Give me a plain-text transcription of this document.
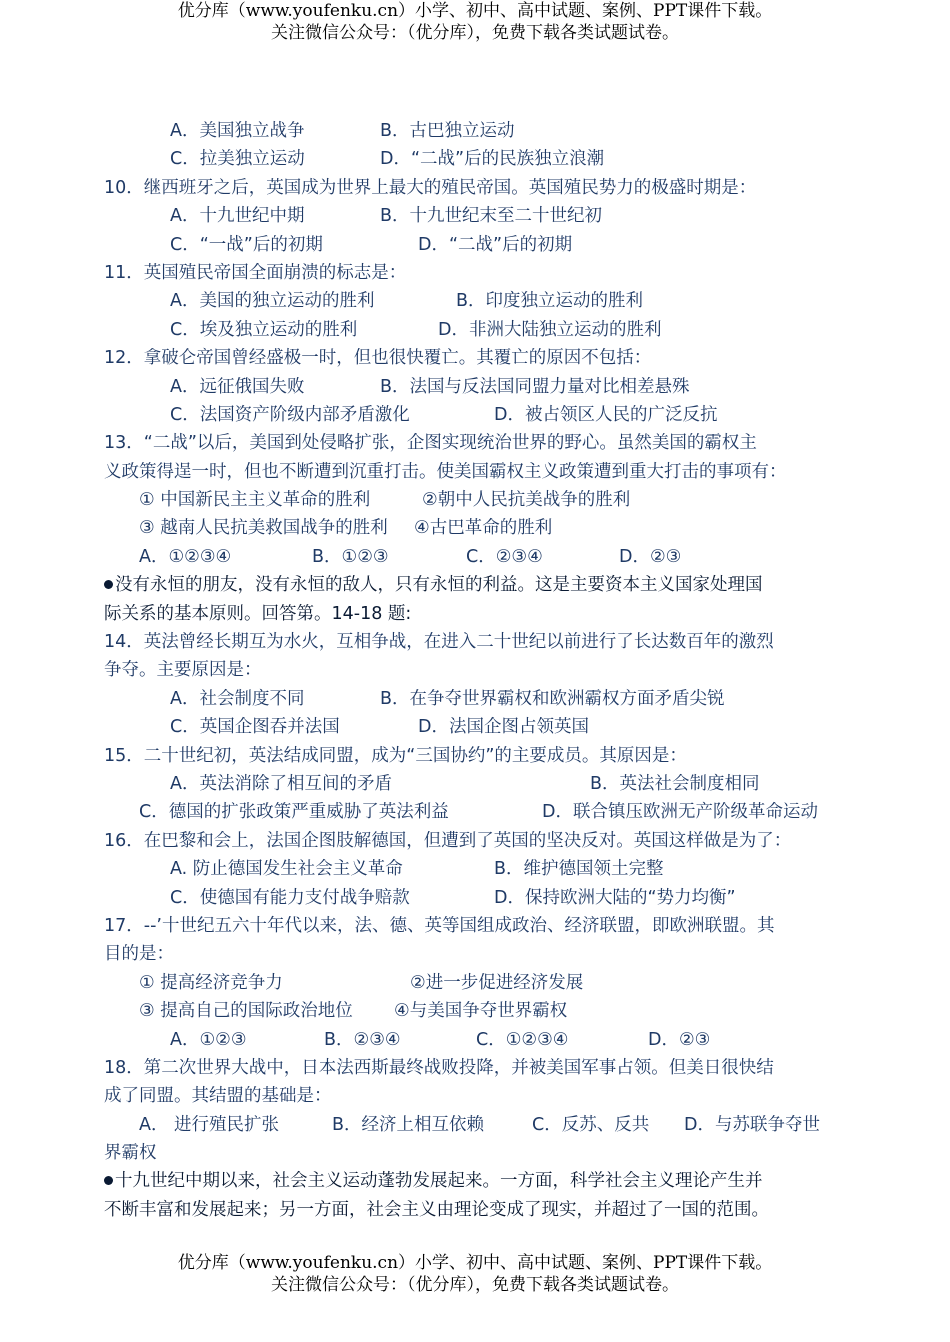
优分库（www.youfenku.cn）小学、初中、高中试题、案例、PPT课件下载。
关注微信公众号：（优分库），免费下载各类试题试卷。
A．美国独立战争	B．古巴独立运动
C．拉美独立运动	D．“二战”后的民族独立浪潮
10．继西班牙之后，英国成为世界上最大的殖民帝国。英国殖民势力的极盛时期是：
A．十九世纪中期	B．十九世纪末至二十世纪初
C．“一战”后的初期	D．“二战”后的初期
11．英国殖民帝国全面崩溃的标志是：
A．美国的独立运动的胜利	B．印度独立运动的胜利
C．埃及独立运动的胜利	D．非洲大陆独立运动的胜利
12．拿破仑帝国曾经盛极一时，但也很快覆亡。其覆亡的原因不包括：
A．远征俄国失败	B．法国与反法国同盟力量对比相差悬殊
C．法国资产阶级内部矛盾激化	D．被占领区人民的广泛反抗
13．“二战”以后，美国到处侵略扩张，企图实现统治世界的野心。虽然美国的霸权主
义政策得逞一时，但也不断遭到沉重打击。使美国霸权主义政策遭到重大打击的事项有：
① 中国新民主主义革命的胜利	②朝中人民抗美战争的胜利
③ 越南人民抗美救国战争的胜利 ④古巴革命的胜利
A．①②③④	B．①②③	C．②③④	D．②③
没有永恒的朋友，没有永恒的敌人，只有永恒的利益。这是主要资本主义国家处理国
际关系的基本原则。回答第。14-18 题:
14．英法曾经长期互为水火，互相争战，在进入二十世纪以前进行了长达数百年的激烈
争夺。主要原因是：
A．社会制度不同	B．在争夺世界霸权和欧洲霸权方面矛盾尖锐
C．英国企图吞并法国	D．法国企图占领英国
15．二十世纪初，英法结成同盟，成为“三国协约”的主要成员。其原因是：
A．英法消除了相互间的矛盾	B．英法社会制度相同
C．德国的扩张政策严重威胁了英法利益	D．联合镇压欧洲无产阶级革命运动
16．在巴黎和会上，法国企图肢解德国，但遭到了英国的坚决反对。英国这样做是为了：
A. 防止德国发生社会主义革命	B．维护德国领土完整
C．使德国有能力支付战争赔款	D．保持欧洲大陆的“势力均衡”
17．--’十世纪五六十年代以来，法、德、英等国组成政治、经济联盟，即欧洲联盟。其
目的是：
① 提高经济竞争力	②进一步促进经济发展
③ 提高自己的国际政治地位 ④与美国争夺世界霸权
A．①②③	B．②③④	C．①②③④	D．②③
18．第二次世界大战中，日本法西斯最终战败投降，并被美国军事占领。但美日很快结
成了同盟。其结盟的基础是：
A． 进行殖民扩张	B．经济上相互依赖	C．反苏、反共 D．与苏联争夺世
界霸权
十九世纪中期以来，社会主义运动蓬勃发展起来。一方面，科学社会主义理论产生并
不断丰富和发展起来；另一方面，社会主义由理论变成了现实，并超过了一国的范围。
优分库（www.youfenku.cn）小学、初中、高中试题、案例、PPT课件下载。
关注微信公众号：（优分库），免费下载各类试题试卷。
